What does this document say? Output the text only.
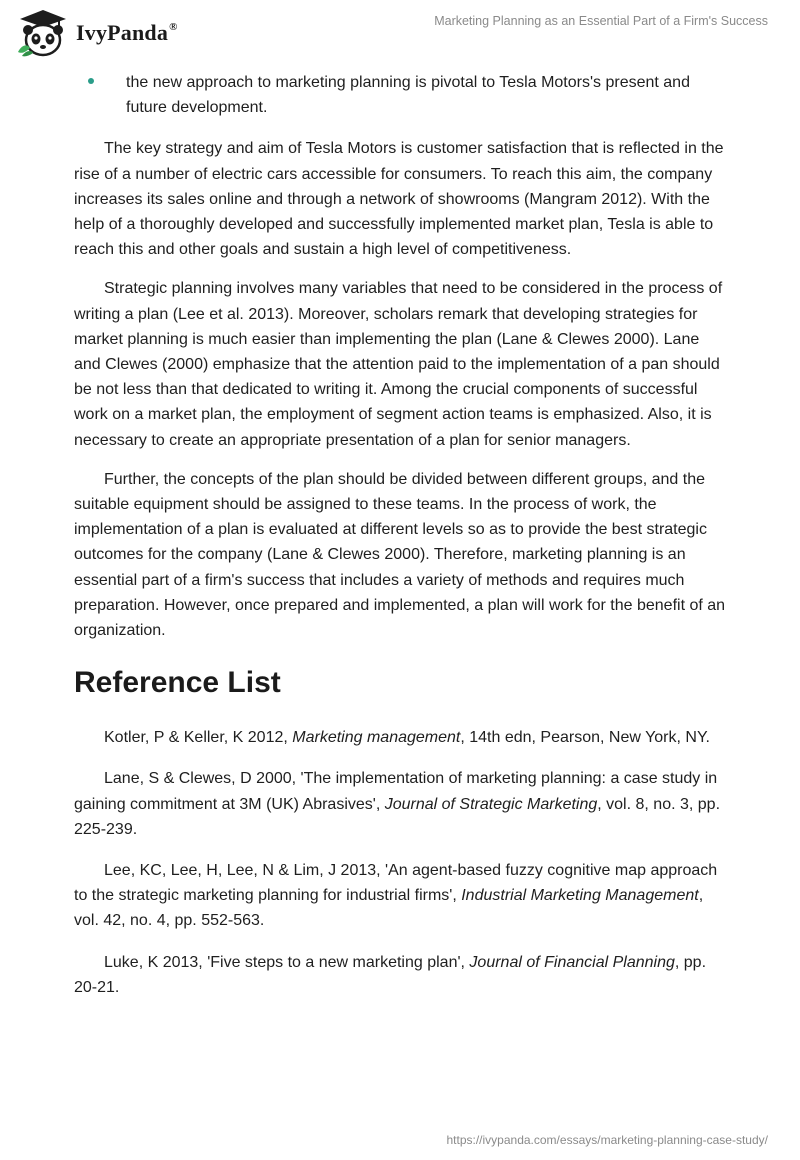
IvyPanda®	Marketing Planning as an Essential Part of a Firm's Success
the new approach to marketing planning is pivotal to Tesla Motors's present and future development.

The key strategy and aim of Tesla Motors is customer satisfaction that is reflected in the rise of a number of electric cars accessible for consumers. To reach this aim, the company increases its sales online and through a network of showrooms (Mangram 2012). With the help of a thoroughly developed and successfully implemented market plan, Tesla is able to reach this and other goals and sustain a high level of competitiveness.

Strategic planning involves many variables that need to be considered in the process of writing a plan (Lee et al. 2013). Moreover, scholars remark that developing strategies for market planning is much easier than implementing the plan (Lane & Clewes 2000). Lane and Clewes (2000) emphasize that the attention paid to the implementation of a pan should be not less than that dedicated to writing it. Among the crucial components of successful work on a market plan, the employment of segment action teams is emphasized. Also, it is necessary to create an appropriate presentation of a plan for senior managers.

Further, the concepts of the plan should be divided between different groups, and the suitable equipment should be assigned to these teams. In the process of work, the implementation of a plan is evaluated at different levels so as to provide the best strategic outcomes for the company (Lane & Clewes 2000). Therefore, marketing planning is an essential part of a firm's success that includes a variety of methods and requires much preparation. However, once prepared and implemented, a plan will work for the benefit of an organization.

Reference List

Kotler, P & Keller, K 2012, Marketing management, 14th edn, Pearson, New York, NY.

Lane, S & Clewes, D 2000, 'The implementation of marketing planning: a case study in gaining commitment at 3M (UK) Abrasives', Journal of Strategic Marketing, vol. 8, no. 3, pp. 225-239.

Lee, KC, Lee, H, Lee, N & Lim, J 2013, 'An agent-based fuzzy cognitive map approach to the strategic marketing planning for industrial firms', Industrial Marketing Management, vol. 42, no. 4, pp. 552-563.

Luke, K 2013, 'Five steps to a new marketing plan', Journal of Financial Planning, pp. 20-21.

https://ivypanda.com/essays/marketing-planning-case-study/
